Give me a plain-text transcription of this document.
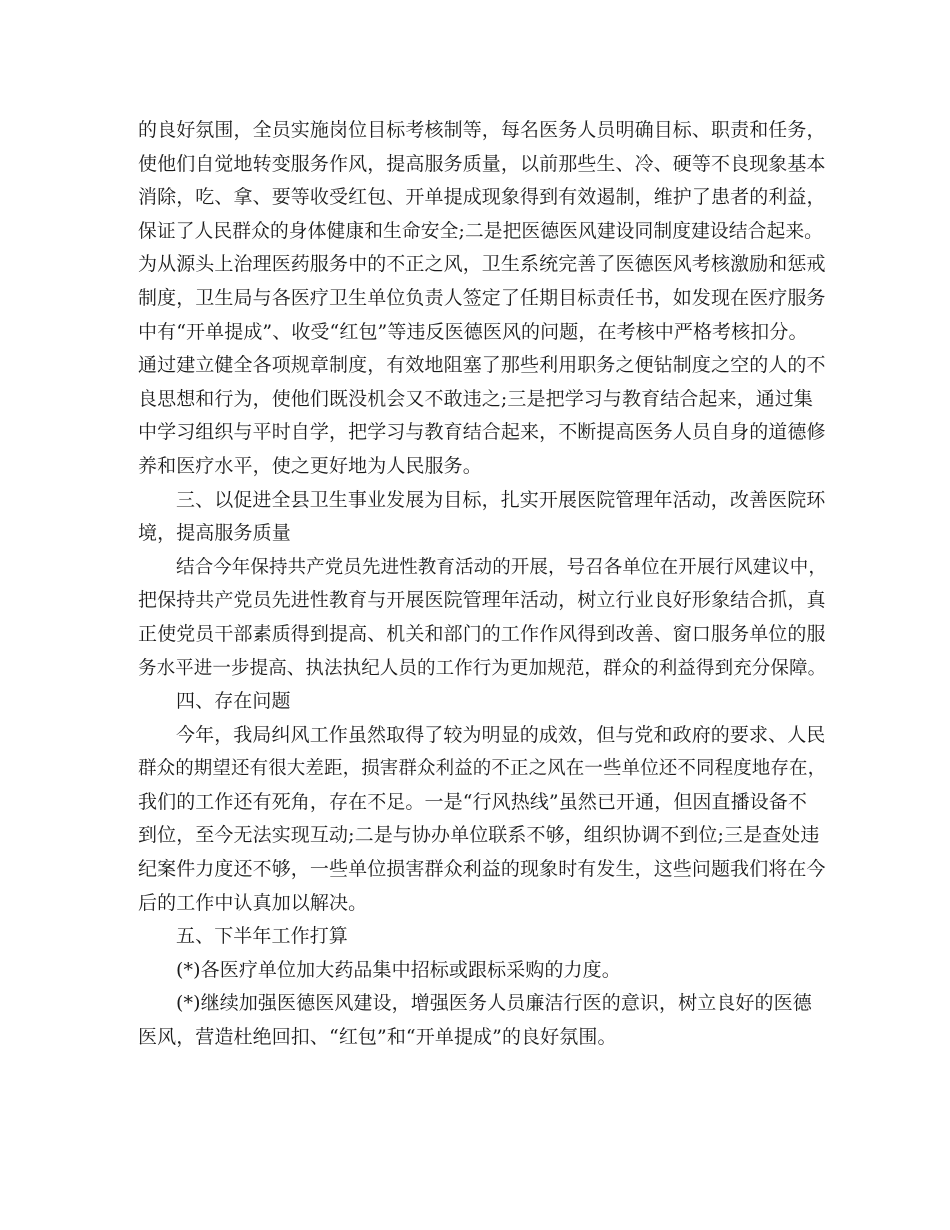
的良好氛围，全员实施岗位目标考核制等，每名医务人员明确目标、职责和任务，
使他们自觉地转变服务作风，提高服务质量，以前那些生、冷、硬等不良现象基本
消除，吃、拿、要等收受红包、开单提成现象得到有效遏制，维护了患者的利益，
保证了人民群众的身体健康和生命安全;二是把医德医风建设同制度建设结合起来。
为从源头上治理医药服务中的不正之风，卫生系统完善了医德医风考核激励和惩戒
制度，卫生局与各医疗卫生单位负责人签定了任期目标责任书，如发现在医疗服务
中有“开单提成”、收受“红包”等违反医德医风的问题，在考核中严格考核扣分。
通过建立健全各项规章制度，有效地阻塞了那些利用职务之便钻制度之空的人的不
良思想和行为，使他们既没机会又不敢违之;三是把学习与教育结合起来，通过集
中学习组织与平时自学，把学习与教育结合起来，不断提高医务人员自身的道德修
养和医疗水平，使之更好地为人民服务。
三、以促进全县卫生事业发展为目标，扎实开展医院管理年活动，改善医院环
境，提高服务质量
结合今年保持共产党员先进性教育活动的开展，号召各单位在开展行风建议中，
把保持共产党员先进性教育与开展医院管理年活动，树立行业良好形象结合抓，真
正使党员干部素质得到提高、机关和部门的工作作风得到改善、窗口服务单位的服
务水平进一步提高、执法执纪人员的工作行为更加规范，群众的利益得到充分保障。
四、存在问题
今年，我局纠风工作虽然取得了较为明显的成效，但与党和政府的要求、人民
群众的期望还有很大差距，损害群众利益的不正之风在一些单位还不同程度地存在，
我们的工作还有死角，存在不足。一是“行风热线”虽然已开通，但因直播设备不
到位，至今无法实现互动;二是与协办单位联系不够，组织协调不到位;三是查处违
纪案件力度还不够，一些单位损害群众利益的现象时有发生，这些问题我们将在今
后的工作中认真加以解决。
五、下半年工作打算
(*)各医疗单位加大药品集中招标或跟标采购的力度。
(*)继续加强医德医风建设，增强医务人员廉洁行医的意识，树立良好的医德
医风，营造杜绝回扣、“红包”和“开单提成”的良好氛围。
